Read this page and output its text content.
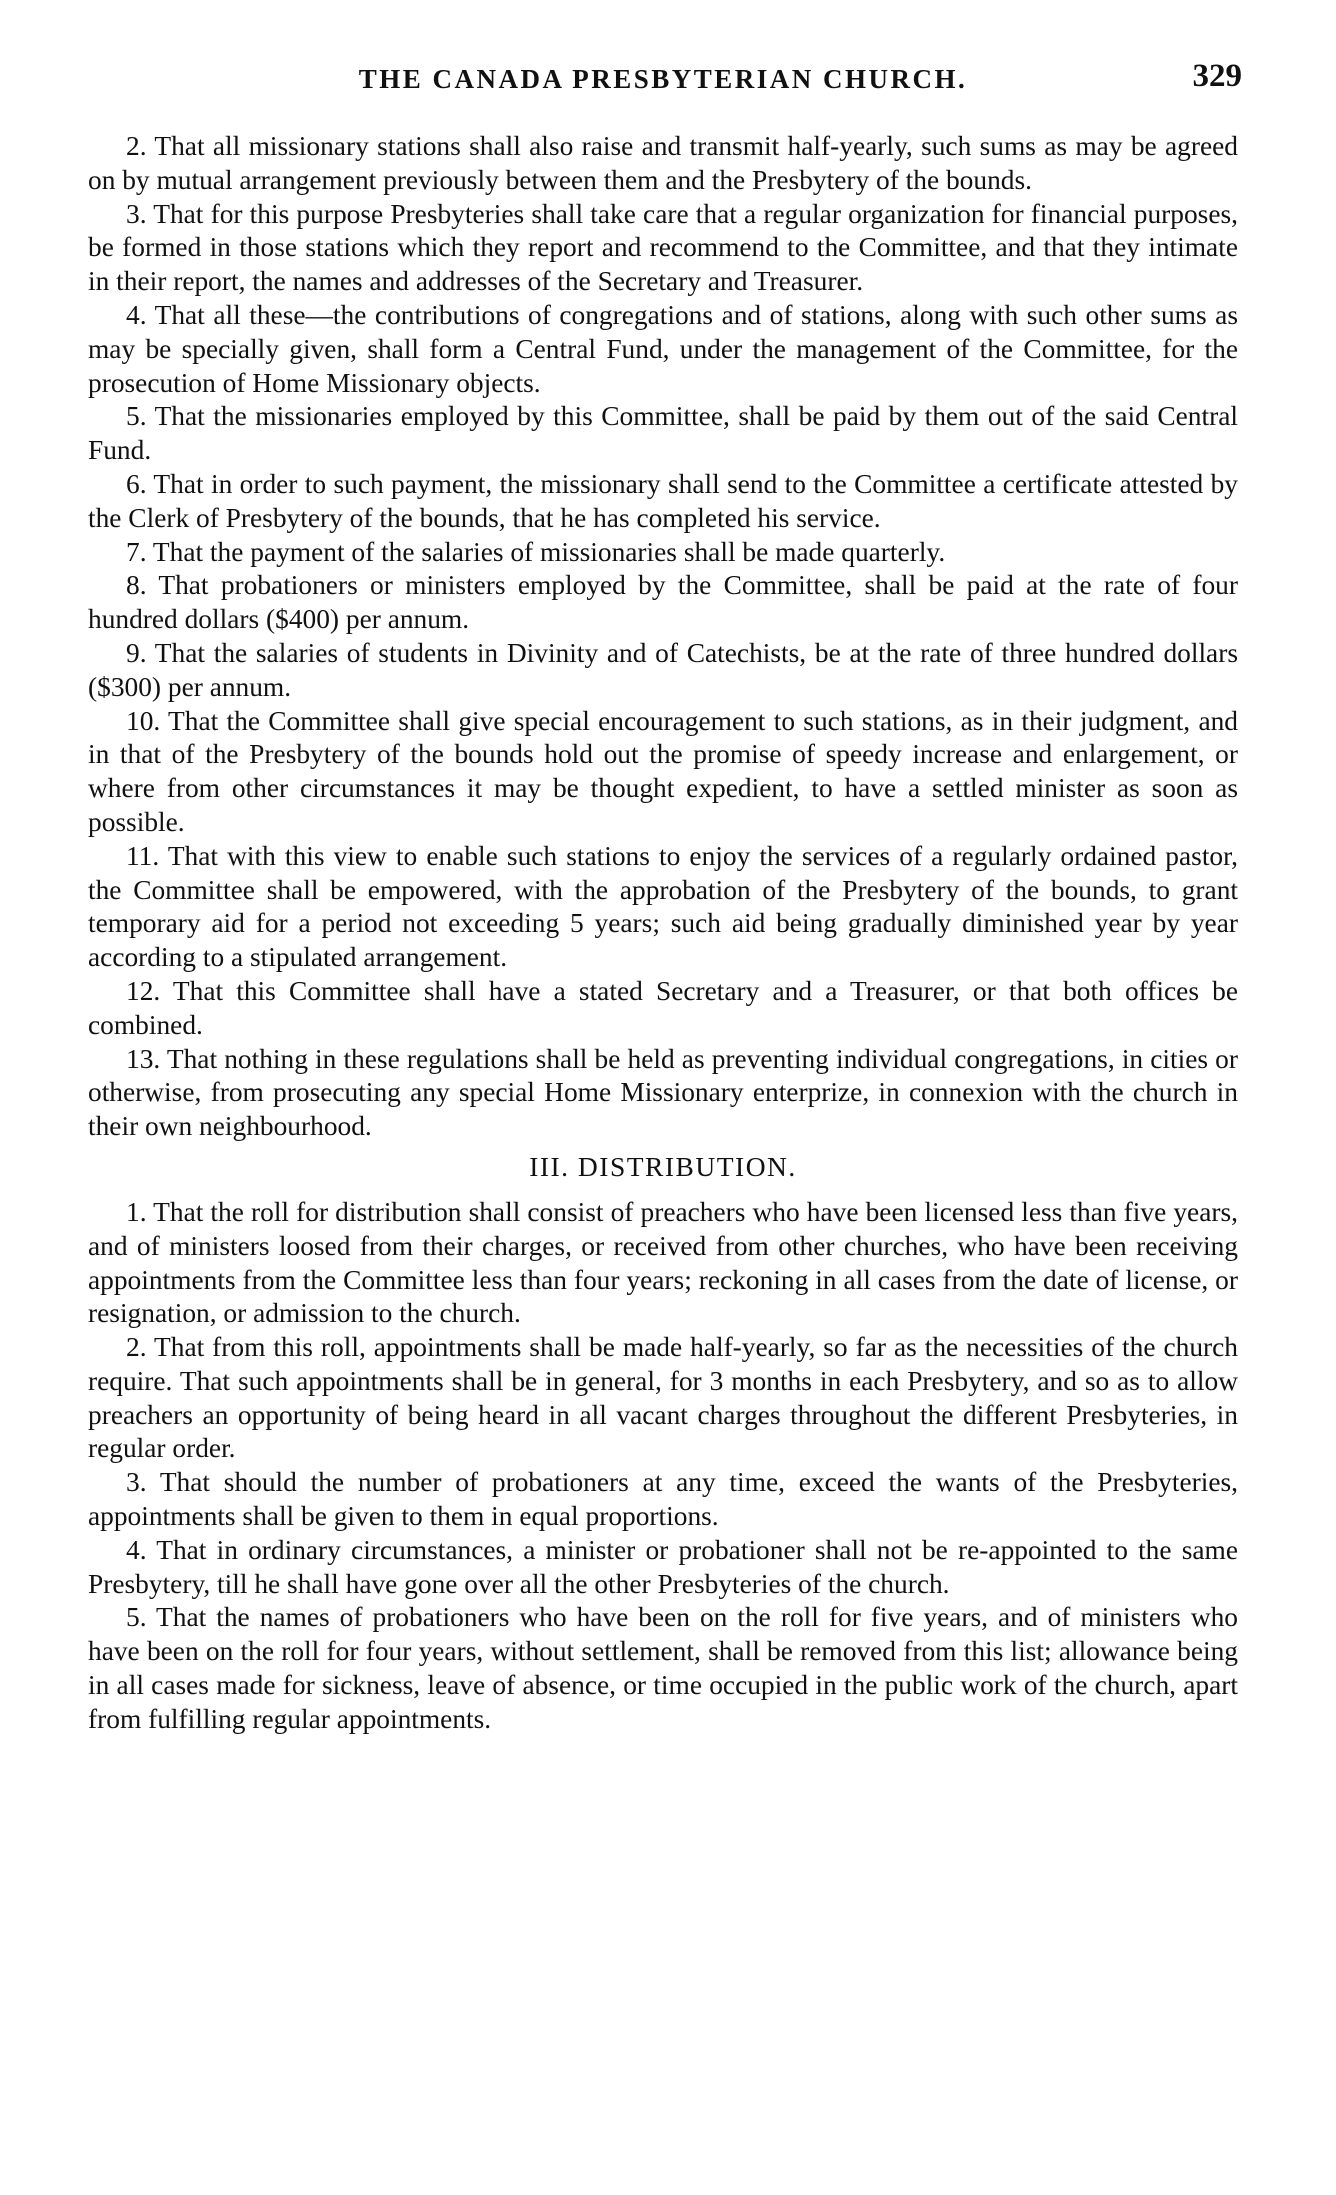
THE CANADA PRESBYTERIAN CHURCH.	329

2. That all missionary stations shall also raise and transmit half-yearly, such sums as may be agreed on by mutual arrangement previously between them and the Presbytery of the bounds.

3. That for this purpose Presbyteries shall take care that a regular organization for financial purposes, be formed in those stations which they report and recommend to the Committee, and that they intimate in their report, the names and addresses of the Secretary and Treasurer.

4. That all these—the contributions of congregations and of stations, along with such other sums as may be specially given, shall form a Central Fund, under the management of the Committee, for the prosecution of Home Missionary objects.

5. That the missionaries employed by this Committee, shall be paid by them out of the said Central Fund.

6. That in order to such payment, the missionary shall send to the Committee a certificate attested by the Clerk of Presbytery of the bounds, that he has completed his service.

7. That the payment of the salaries of missionaries shall be made quarterly.

8. That probationers or ministers employed by the Committee, shall be paid at the rate of four hundred dollars ($400) per annum.

9. That the salaries of students in Divinity and of Catechists, be at the rate of three hundred dollars ($300) per annum.

10. That the Committee shall give special encouragement to such stations, as in their judgment, and in that of the Presbytery of the bounds hold out the promise of speedy increase and enlargement, or where from other circumstances it may be thought expedient, to have a settled minister as soon as possible.

11. That with this view to enable such stations to enjoy the services of a regularly ordained pastor, the Committee shall be empowered, with the approbation of the Presbytery of the bounds, to grant temporary aid for a period not exceeding 5 years; such aid being gradually diminished year by year according to a stipulated arrangement.

12. That this Committee shall have a stated Secretary and a Treasurer, or that both offices be combined.

13. That nothing in these regulations shall be held as preventing individual congregations, in cities or otherwise, from prosecuting any special Home Missionary enterprize, in connexion with the church in their own neighbourhood.

III. DISTRIBUTION.

1. That the roll for distribution shall consist of preachers who have been licensed less than five years, and of ministers loosed from their charges, or received from other churches, who have been receiving appointments from the Committee less than four years; reckoning in all cases from the date of license, or resignation, or admission to the church.

2. That from this roll, appointments shall be made half-yearly, so far as the necessities of the church require. That such appointments shall be in general, for 3 months in each Presbytery, and so as to allow preachers an opportunity of being heard in all vacant charges throughout the different Presbyteries, in regular order.

3. That should the number of probationers at any time, exceed the wants of the Presbyteries, appointments shall be given to them in equal proportions.

4. That in ordinary circumstances, a minister or probationer shall not be re-appointed to the same Presbytery, till he shall have gone over all the other Presbyteries of the church.

5. That the names of probationers who have been on the roll for five years, and of ministers who have been on the roll for four years, without settlement, shall be removed from this list; allowance being in all cases made for sickness, leave of absence, or time occupied in the public work of the church, apart from fulfilling regular appointments.
